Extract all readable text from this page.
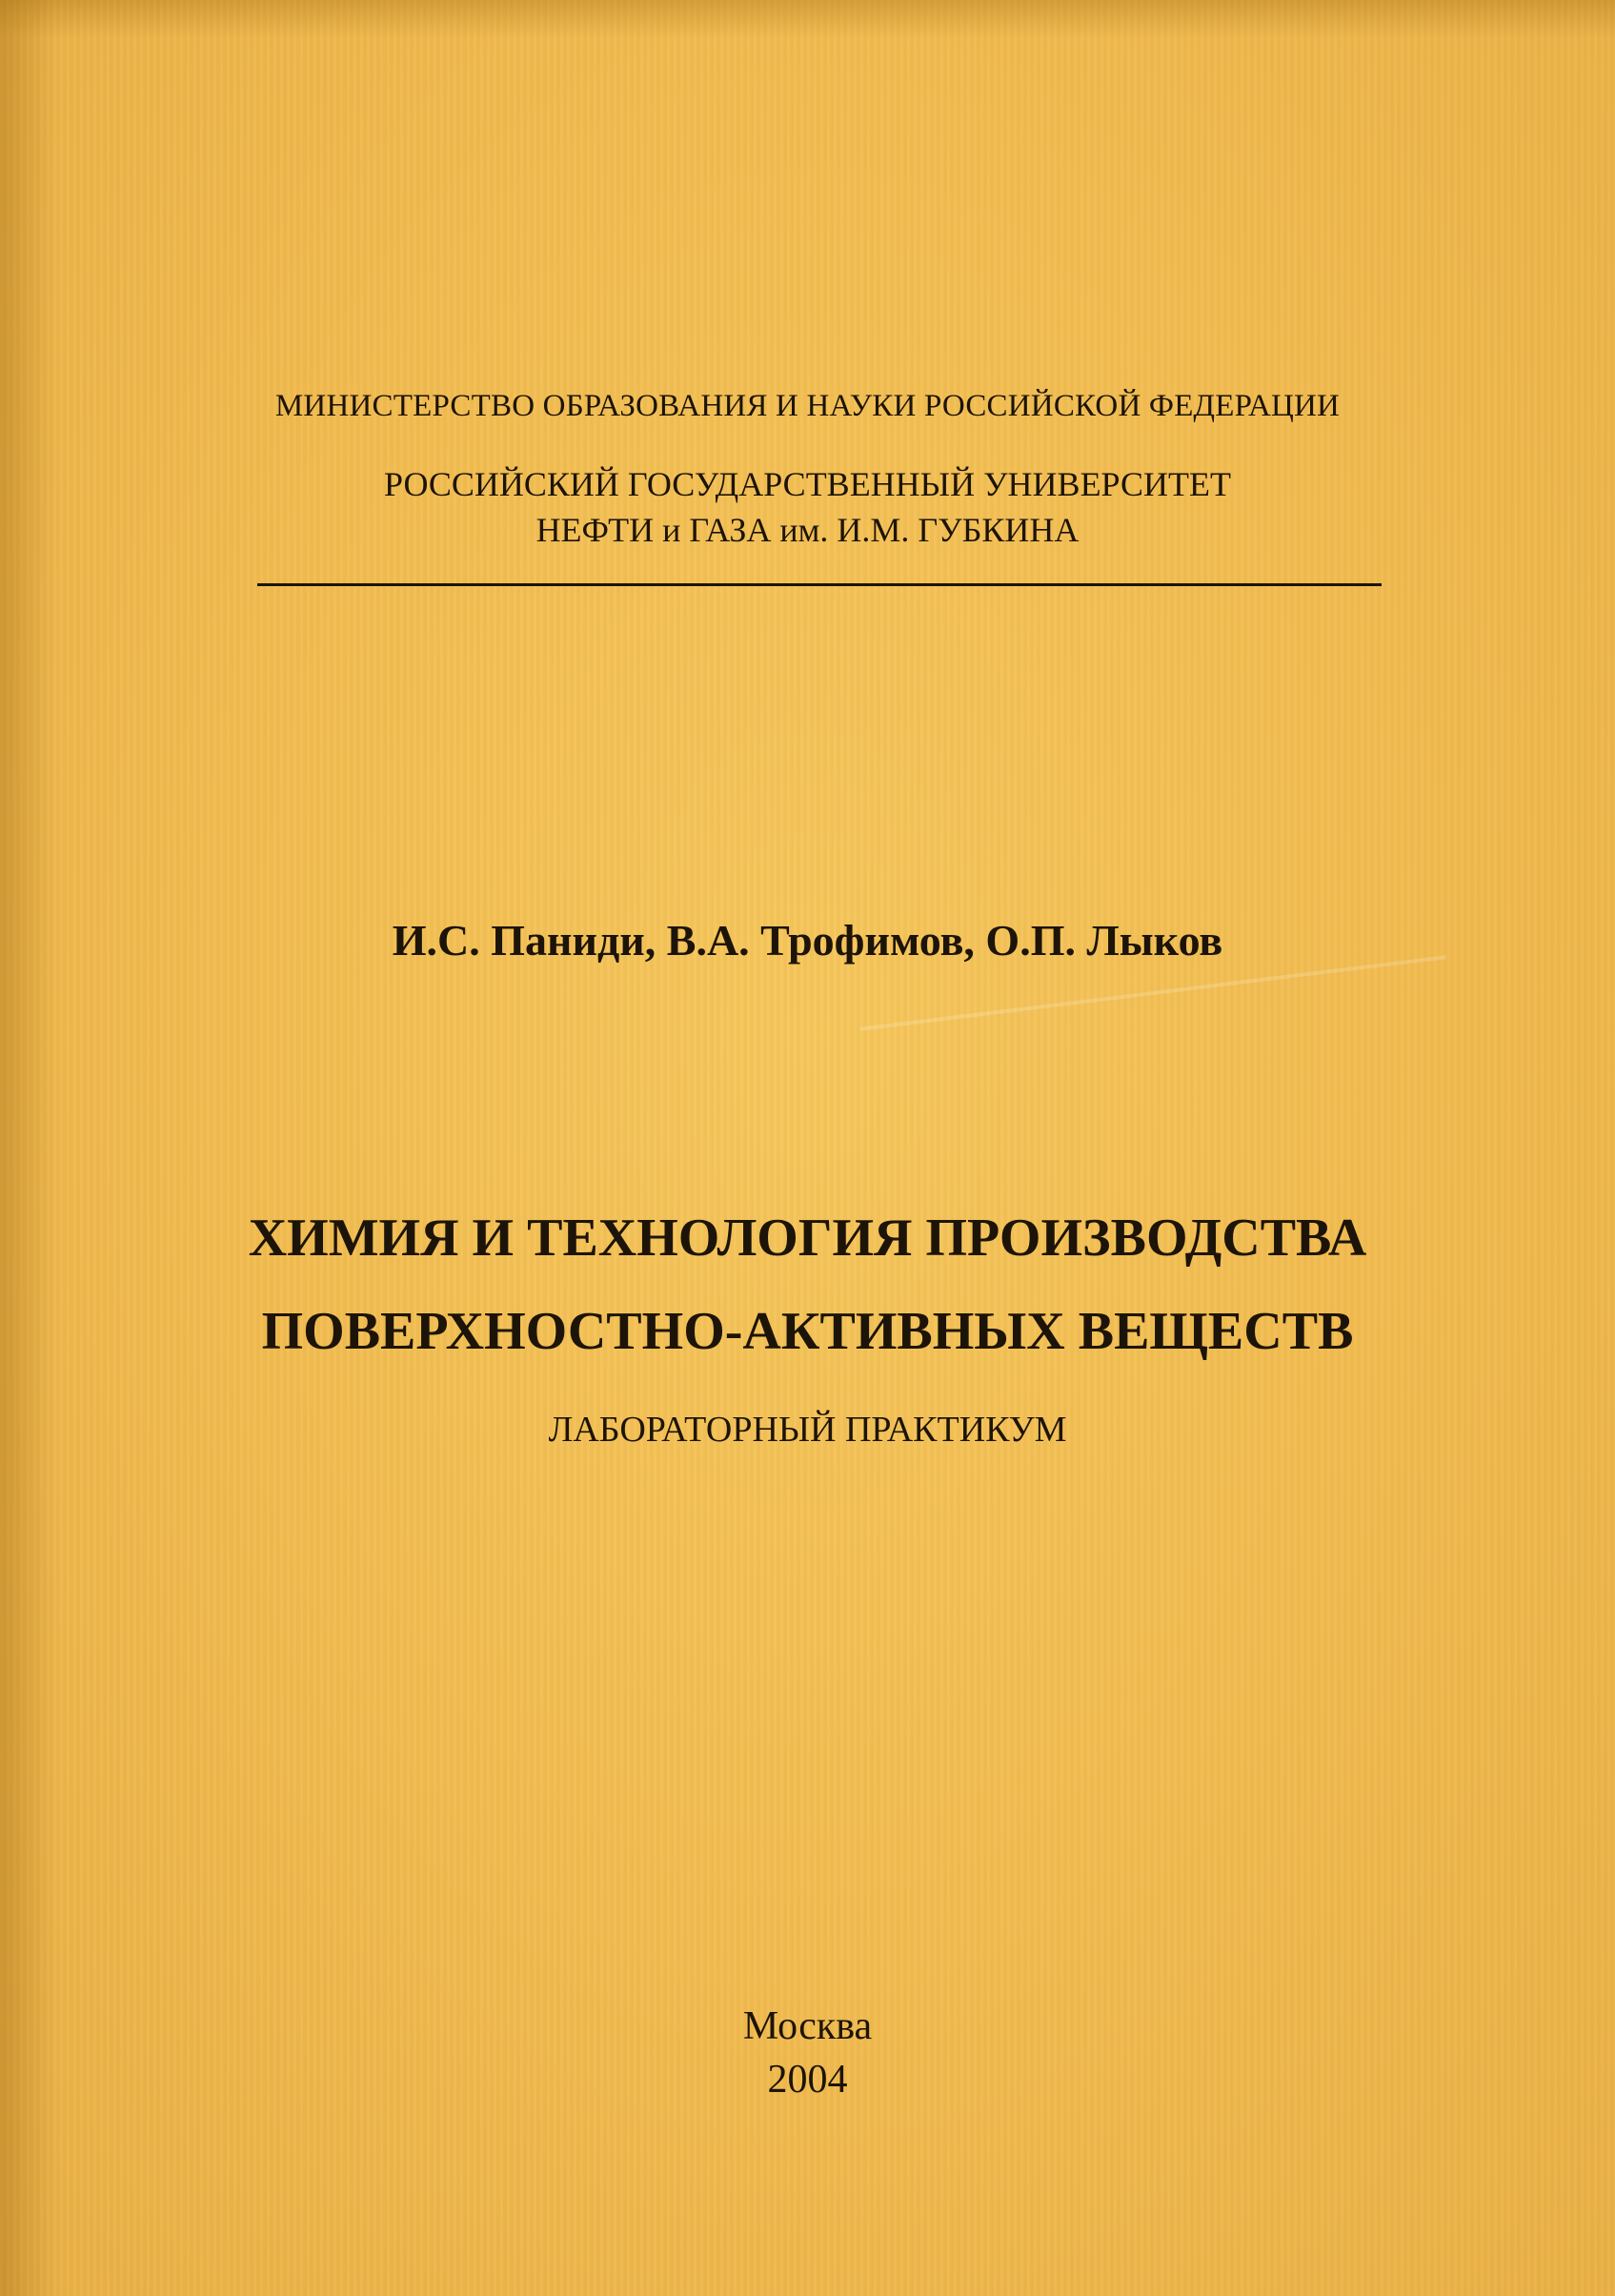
МИНИСТЕРСТВО ОБРАЗОВАНИЯ И НАУКИ РОССИЙСКОЙ ФЕДЕРАЦИИ
РОССИЙСКИЙ ГОСУДАРСТВЕННЫЙ УНИВЕРСИТЕТ
НЕФТИ и ГАЗА им. И.М. ГУБКИНА
И.С. Паниди, В.А. Трофимов, О.П. Лыков
ХИМИЯ И ТЕХНОЛОГИЯ ПРОИЗВОДСТВА
ПОВЕРХНОСТНО-АКТИВНЫХ ВЕЩЕСТВ
ЛАБОРАТОРНЫЙ ПРАКТИКУМ
Москва
2004
